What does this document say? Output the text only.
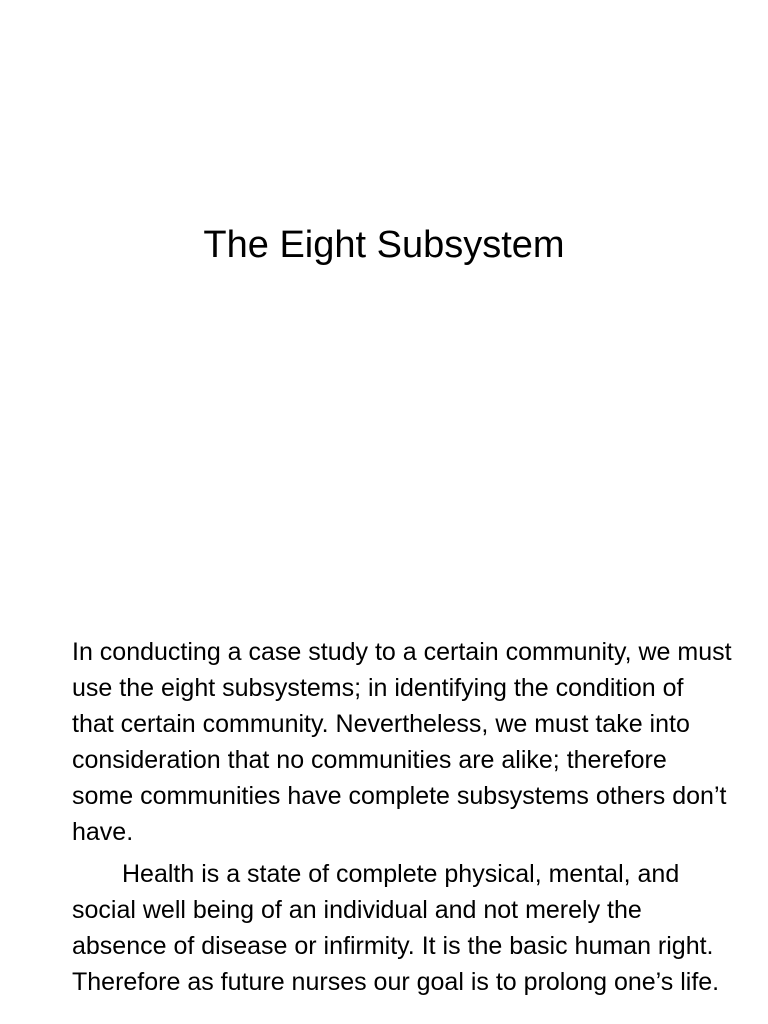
The Eight Subsystem

In conducting a case study to a certain community, we must use the eight subsystems; in identifying the condition of that certain community. Nevertheless, we must take into consideration that no communities are alike; therefore some communities have complete subsystems others don’t have.

Health is a state of complete physical, mental, and social well being of an individual and not merely the absence of disease or infirmity. It is the basic human right. Therefore as future nurses our goal is to prolong one’s life.
